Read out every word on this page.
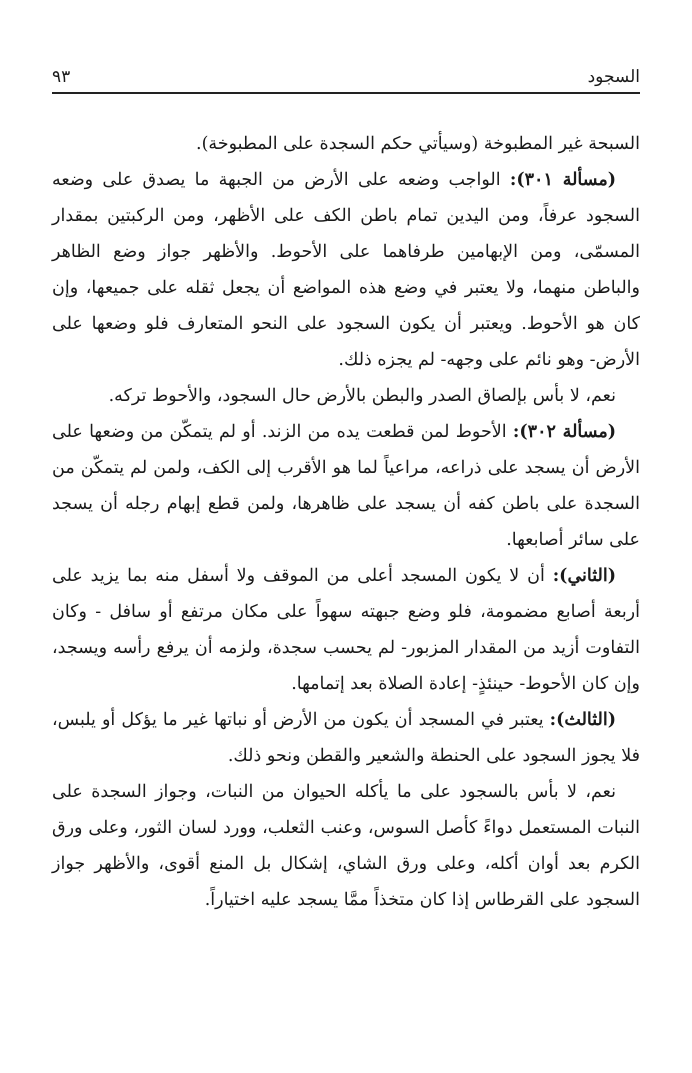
السجود
٩٣

السبحة غير المطبوخة (وسيأتي حكم السجدة على المطبوخة).

(مسألة ٣٠١): الواجب وضعه على الأرض من الجبهة ما يصدق على وضعه السجود عرفاً، ومن اليدين تمام باطن الكف على الأظهر، ومن الركبتين بمقدار المسمّى، ومن الإبهامين طرفاهما على الأحوط. والأظهر جواز وضع الظاهر والباطن منهما، ولا يعتبر في وضع هذه المواضع أن يجعل ثقله على جميعها، وإن كان هو الأحوط. ويعتبر أن يكون السجود على النحو المتعارف فلو وضعها على الأرض- وهو نائم على وجهه- لم يجزه ذلك.

نعم، لا بأس بإلصاق الصدر والبطن بالأرض حال السجود، والأحوط تركه.

(مسألة ٣٠٢): الأحوط لمن قطعت يده من الزند. أو لم يتمكّن من وضعها على الأرض أن يسجد على ذراعه، مراعياً لما هو الأقرب إلى الكف، ولمن لم يتمكّن من السجدة على باطن كفه أن يسجد على ظاهرها، ولمن قطع إبهام رجله أن يسجد على سائر أصابعها.

(الثاني): أن لا يكون المسجد أعلى من الموقف ولا أسفل منه بما يزيد على أربعة أصابع مضمومة، فلو وضع جبهته سهواً على مكان مرتفع أو سافل - وكان التفاوت أزيد من المقدار المزبور- لم يحسب سجدة، ولزمه أن يرفع رأسه ويسجد، وإن كان الأحوط- حينئذٍ- إعادة الصلاة بعد إتمامها.

(الثالث): يعتبر في المسجد أن يكون من الأرض أو نباتها غير ما يؤكل أو يلبس، فلا يجوز السجود على الحنطة والشعير والقطن ونحو ذلك.

نعم، لا بأس بالسجود على ما يأكله الحيوان من النبات، وجواز السجدة على النبات المستعمل دواءً كأصل السوس، وعنب الثعلب، وورد لسان الثور، وعلى ورق الكرم بعد أوان أكله، وعلى ورق الشاي، إشكال بل المنع أقوى، والأظهر جواز السجود على القرطاس إذا كان متخذاً ممَّا يسجد عليه اختياراً.
